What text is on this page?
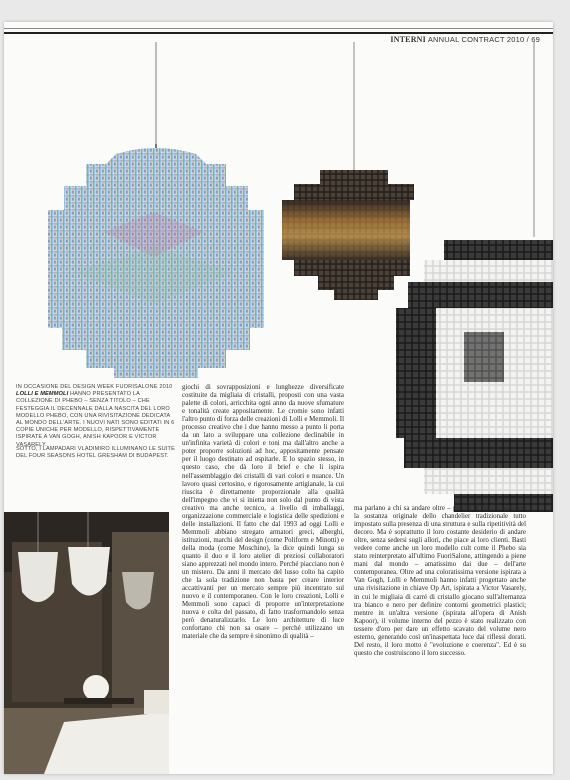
INTERNI ANNUAL CONTRACT 2010 / 69
IN OCCASIONE DEL DESIGN WEEK FUORISALONE 2010 LOLLI E MEMMOLI HANNO PRESENTATO LA COLLEZIONE DI PHEBO – SENZA TITOLO – CHE FESTEGGIA IL DECENNALE DALLA NASCITA DEL LORO MODELLO PHEBO, CON UNA RIVISITAZIONE DEDICATA AL MONDO DELL'ARTE. I NUOVI NATI SONO EDITATI IN 6 COPIE UNICHE PER MODELLO, RISPETTIVAMENTE ISPIRATE A VAN GOGH, ANISH KAPOOR E VICTOR VASARELY.
SOTTO, I LAMPADARI VLADIMIRO ILLUMINANO LE SUITE DEL FOUR SEASONS HOTEL GRESHAM DI BUDAPEST.
giochi di sovrapposizioni e lunghezze diversificate costituite da migliaia di cristalli, proposti con una vasta palette di colori, arricchita ogni anno da nuove sfumature e tonalità create appositamente. Le cromie sono infatti l'altro punto di forza delle creazioni di Lolli e Memmoli. Il processo creativo che i due hanno messo a punto li porta da un lato a sviluppare una collezione declinabile in un'infinita varietà di colori e toni ma dall'altro anche a poter proporre soluzioni ad hoc, appositamente pensate per il luogo destinato ad ospitarle. E lo spazio stesso, in questo caso, che dà loro il brief e che li ispira nell'assemblaggio dei cristalli di vari colori e nuance. Un lavoro quasi certosino, e rigorosamente artigianale, la cui riuscita è direttamente proporzionale alla qualità dell'impegno che vi si inietta non solo dal punto di vista creativo ma anche tecnico, a livello di imballaggi, organizzazione commerciale e logistica delle spedizioni e delle installazioni. Il fatto che dal 1993 ad oggi Lolli e Memmoli abbiano stregato armatori greci, alberghi, istituzioni, marchi del design (come Poliform e Minotti) e della moda (come Moschino), la dice quindi lunga su quanto il duo e il loro atelier di preziosi collaboratori siano apprezzati nel mondo intero. Perché piacciano non è un mistero. Da anni il mercato del lusso colto ha capito che la sola tradizione non basta per creare interior accattivanti per un mercato sempre più incentrato sul nuovo e il contemporaneo. Con le loro creazioni, Lolli e Memmoli sono capaci di proporre un'interpretazione nuova e colta del passato, di fatto trasformandolo senza però denaturalizzarlo. Le loro architetture di luce confortano chi non sa osare – perché utilizzano un materiale che da sempre è sinonimo di qualità –
ma parlano a chi sa andare oltre – perché di fatto scardinano la sostanza originale dello chandelier tradizionale tutto impostato sulla presenza di una struttura e sulla ripetitività del decoro. Ma è soprattutto il loro costante desiderio di andare oltre, senza sedersi sugli allori, che piace ai loro clienti. Basti vedere come anche un loro modello cult come il Phebo sia stato reinterpretato all'ultimo FuoriSalone, attingendo a piene mani dal mondo – amatissimo dai due – dell'arte contemporanea. Oltre ad una coloratissima versione ispirata a Van Gogh, Lolli e Memmoli hanno infatti progettato anche una rivisitazione in chiave Op Art, ispirata a Victor Vasarely, in cui le migliaia di carré di cristallo giocano sull'alternanza tra bianco e nero per definire contorni geometrici plastici; mentre in un'altra versione (ispirata all'opera di Anish Kapoor), il volume interno del pezzo è stato realizzato con tessere d'oro per dare un effetto scavato del volume nero esterno, generando così un'inaspettata luce dai riflessi dorati. Del resto, il loro motto è "evoluzione e coerenza". Ed è su questo che costruiscono il loro successo.
